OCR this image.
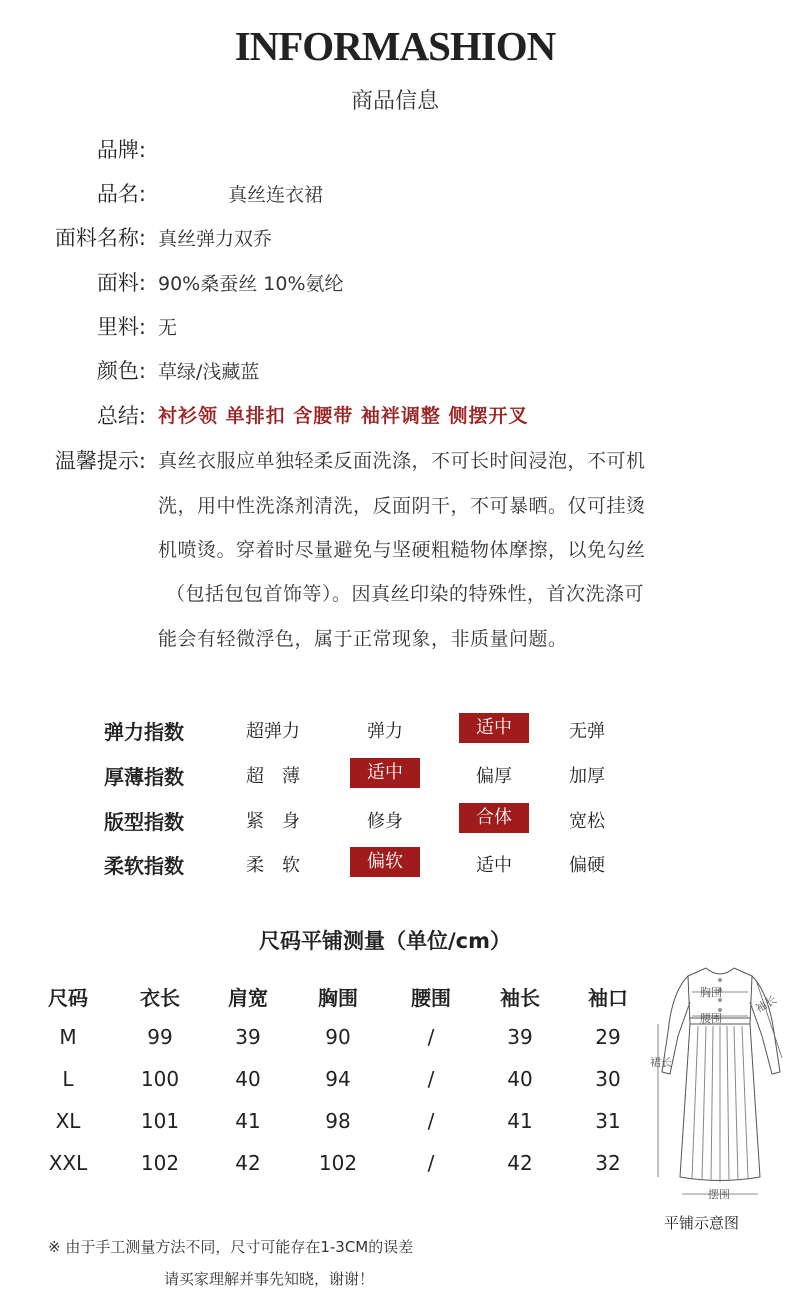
INFORMASHION
商品信息
品牌:
品名:	真丝连衣裙
面料名称: 真丝弹力双乔
面料: 90%桑蚕丝 10%氨纶
里料: 无
颜色: 草绿/浅藏蓝
总结: 衬衫领 单排扣 含腰带 袖袢调整 侧摆开叉
温馨提示: 真丝衣服应单独轻柔反面洗涤，不可长时间浸泡，不可机
洗，用中性洗涤剂清洗，反面阴干，不可暴晒。仅可挂烫
机喷烫。穿着时尽量避免与坚硬粗糙物体摩擦，以免勾丝
（包括包包首饰等）。因真丝印染的特殊性，首次洗涤可
能会有轻微浮色，属于正常现象，非质量问题。
弹力指数	超弹力	弹力	适中	无弹
厚薄指数	超　薄	适中	偏厚	加厚
版型指数	紧　身	修身	合体	宽松
柔软指数	柔　软	偏软	适中	偏硬
尺码平铺测量（单位/cm）
尺码	衣长	肩宽	胸围	腰围	袖长	袖口
M	99	39	90	/	39	29
L	100	40	94	/	40	30
XL	101	41	98	/	41	31
XXL	102	42	102	/	42	32
胸围
腰围
袖长
裙长
摆围
平铺示意图
※ 由于手工测量方法不同，尺寸可能存在1-3CM的误差
请买家理解并事先知晓，谢谢！
